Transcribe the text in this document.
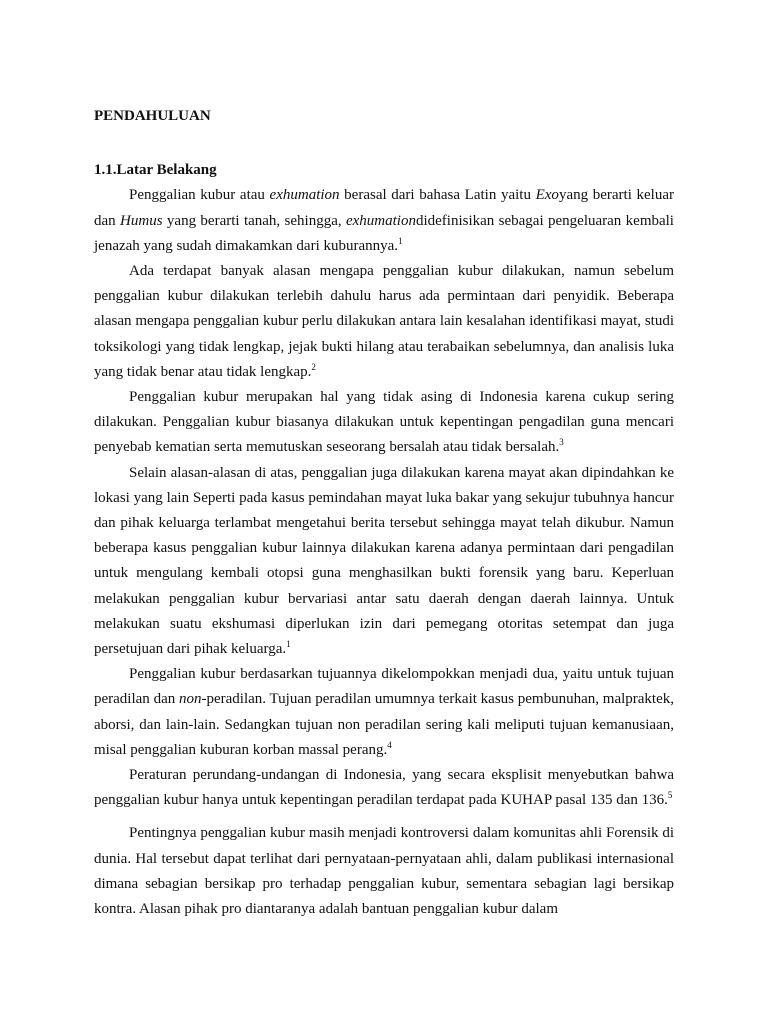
PENDAHULUAN

1.1.Latar Belakang

Penggalian kubur atau exhumation berasal dari bahasa Latin yaitu Exoyang berarti keluar dan Humus yang berarti tanah, sehingga, exhumationdidefinisikan sebagai pengeluaran kembali jenazah yang sudah dimakamkan dari kuburannya.$^1$

Ada terdapat banyak alasan mengapa penggalian kubur dilakukan, namun sebelum penggalian kubur dilakukan terlebih dahulu harus ada permintaan dari penyidik. Beberapa alasan mengapa penggalian kubur perlu dilakukan antara lain kesalahan identifikasi mayat, studi toksikologi yang tidak lengkap, jejak bukti hilang atau terabaikan sebelumnya, dan analisis luka yang tidak benar atau tidak lengkap.$^2$

Penggalian kubur merupakan hal yang tidak asing di Indonesia karena cukup sering dilakukan. Penggalian kubur biasanya dilakukan untuk kepentingan pengadilan guna mencari penyebab kematian serta memutuskan seseorang bersalah atau tidak bersalah.$^3$

Selain alasan-alasan di atas, penggalian juga dilakukan karena mayat akan dipindahkan ke lokasi yang lain Seperti pada kasus pemindahan mayat luka bakar yang sekujur tubuhnya hancur dan pihak keluarga terlambat mengetahui berita tersebut sehingga mayat telah dikubur. Namun beberapa kasus penggalian kubur lainnya dilakukan karena adanya permintaan dari pengadilan untuk mengulang kembali otopsi guna menghasilkan bukti forensik yang baru. Keperluan melakukan penggalian kubur bervariasi antar satu daerah dengan daerah lainnya. Untuk melakukan suatu ekshumasi diperlukan izin dari pemegang otoritas setempat dan juga persetujuan dari pihak keluarga.$^1$

Penggalian kubur berdasarkan tujuannya dikelompokkan menjadi dua, yaitu untuk tujuan peradilan dan non-peradilan. Tujuan peradilan umumnya terkait kasus pembunuhan, malpraktek, aborsi, dan lain-lain. Sedangkan tujuan non peradilan sering kali meliputi tujuan kemanusiaan, misal penggalian kuburan korban massal perang.$^4$

Peraturan perundang-undangan di Indonesia, yang secara eksplisit menyebutkan bahwa penggalian kubur hanya untuk kepentingan peradilan terdapat pada KUHAP pasal 135 dan 136.$^5$

Pentingnya penggalian kubur masih menjadi kontroversi dalam komunitas ahli Forensik di dunia. Hal tersebut dapat terlihat dari pernyataan-pernyataan ahli, dalam publikasi internasional dimana sebagian bersikap pro terhadap penggalian kubur, sementara sebagian lagi bersikap kontra. Alasan pihak pro diantaranya adalah bantuan penggalian kubur dalam
